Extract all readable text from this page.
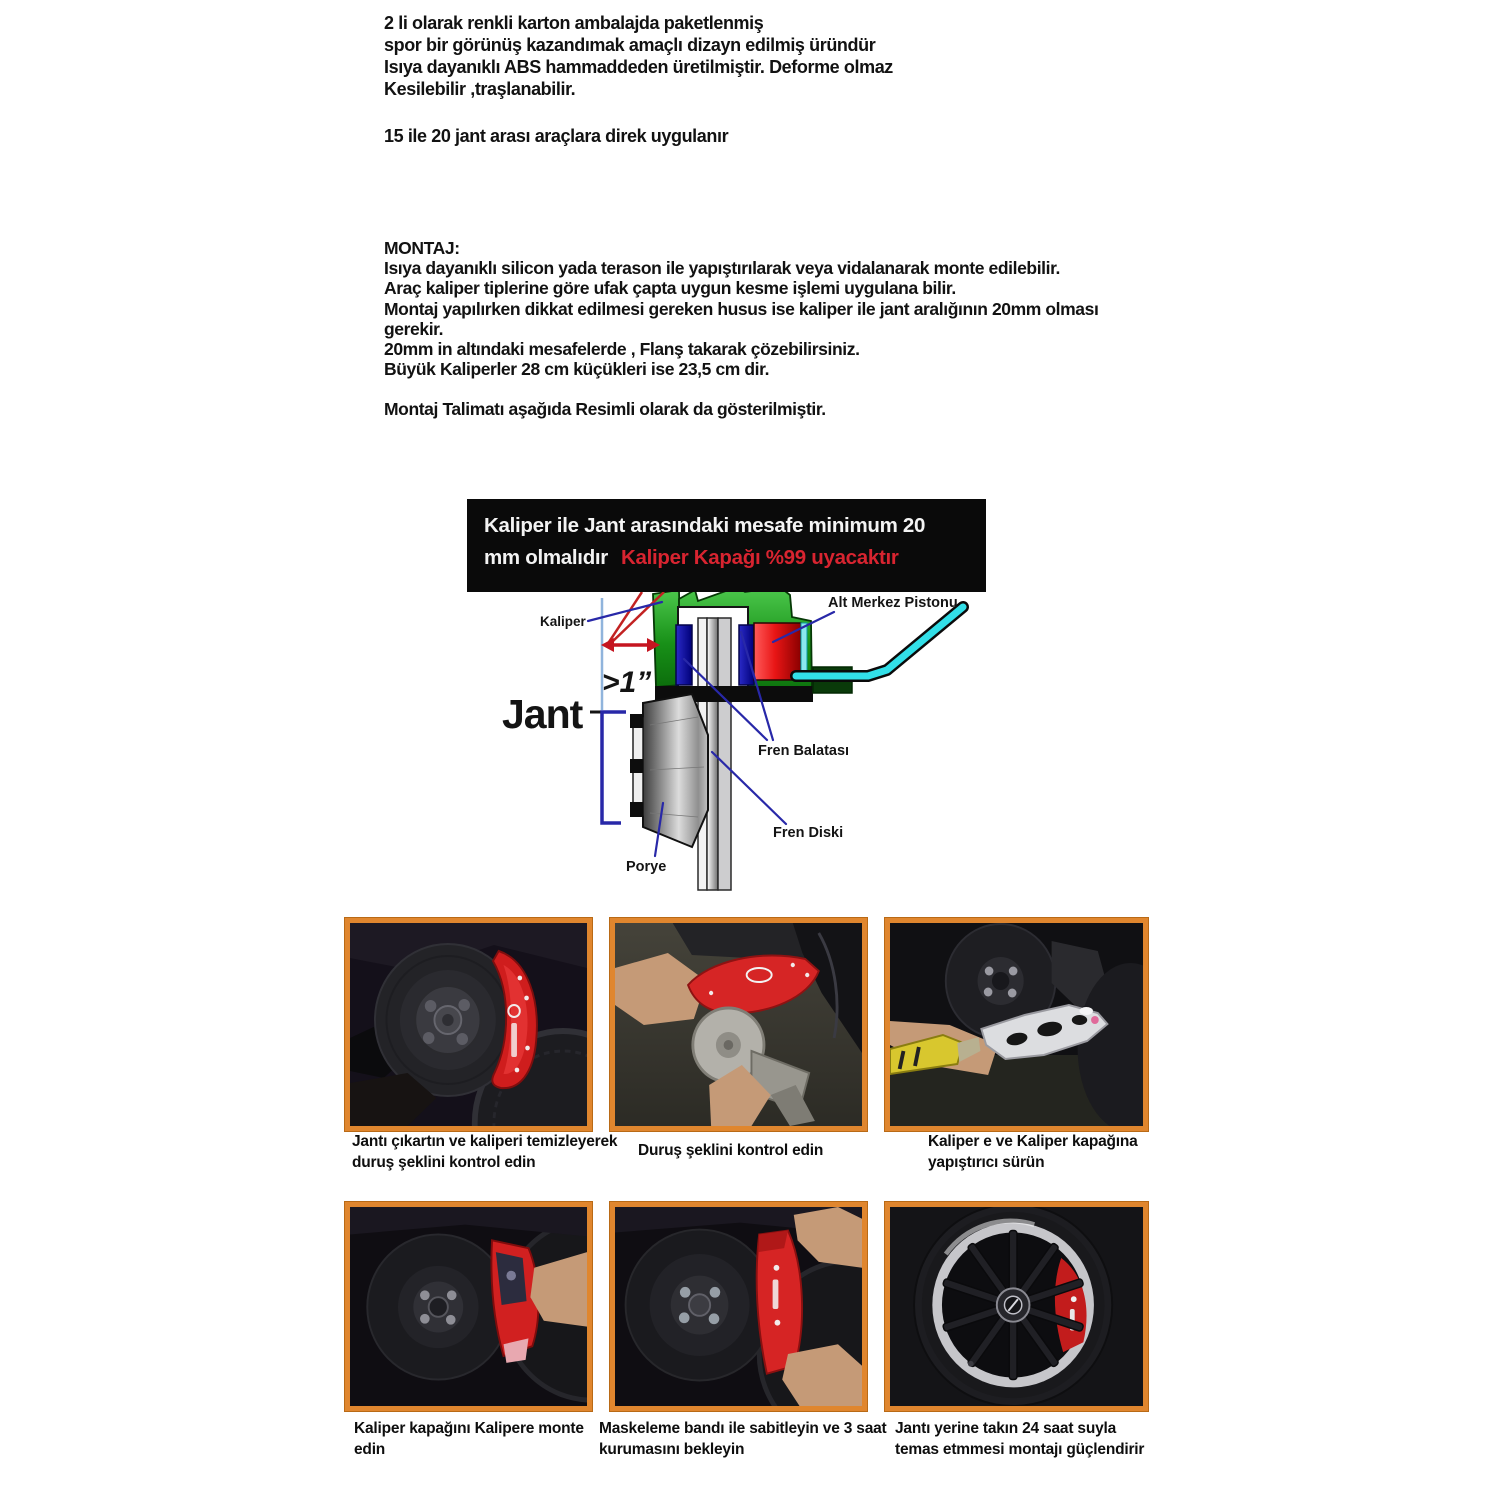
2 li olarak renkli karton ambalajda paketlenmiş
spor bir görünüş kazandımak amaçlı dizayn edilmiş üründür
Isıya dayanıklı ABS hammaddeden üretilmiştir. Deforme olmaz
Kesilebilir ,traşlanabilir.
15 ile 20 jant arası araçlara direk uygulanır
MONTAJ:
Isıya dayanıklı silicon yada terason ile yapıştırılarak veya vidalanarak monte edilebilir.
Araç kaliper tiplerine göre ufak çapta uygun kesme işlemi uygulana bilir.
Montaj yapılırken dikkat edilmesi gereken husus ise kaliper ile jant aralığının 20mm olması
gerekir.
20mm in altındaki mesafelerde , Flanş takarak çözebilirsiniz.
Büyük Kaliperler 28 cm küçükleri ise 23,5 cm dir.
Montaj Talimatı aşağıda Resimli olarak da gösterilmiştir.
>1”
Jant
Kaliper
Alt Merkez Pistonu
Fren Balatası
Fren Diski
Porye
Kaliper ile Jant arasındaki mesafe minimum 20
mm olmalıdır Kaliper Kapağı %99 uyacaktır
Jantı çıkartın ve kaliperi temizleyerek duruş şeklini kontrol edin
Duruş şeklini kontrol edin
Kaliper e ve Kaliper kapağına yapıştırıcı sürün
Kaliper kapağını Kalipere monte edin
Maskeleme bandı ile sabitleyin ve 3 saat kurumasını bekleyin
Jantı yerine takın 24 saat suyla temas etmmesi montajı güçlendirir
